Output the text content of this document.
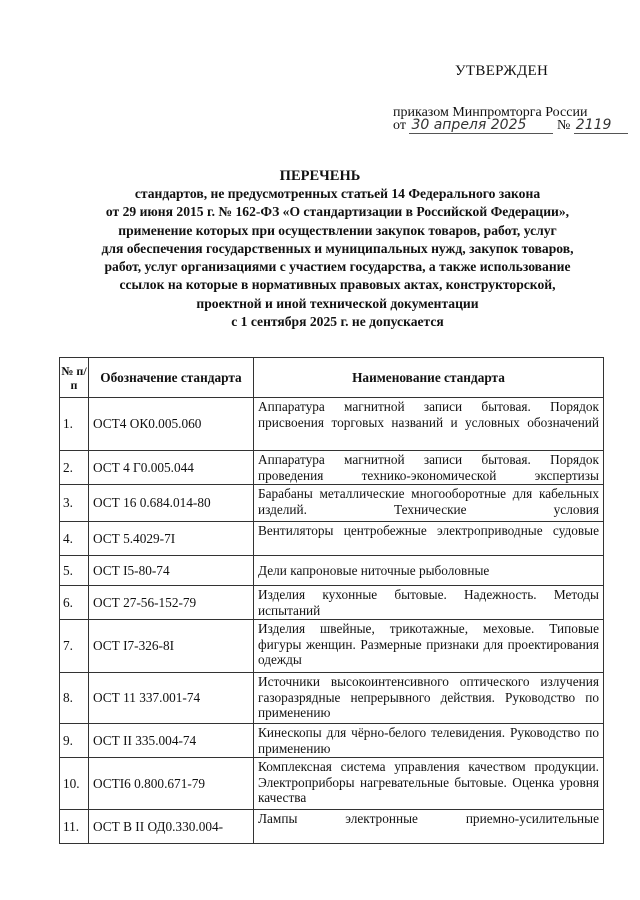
УТВЕРЖДЕН
приказом Минпромторга России
от 30 апреля 2025 № 2119
ПЕРЕЧЕНЬ
стандартов, не предусмотренных статьей 14 Федерального закона
от 29 июня 2015 г. № 162-ФЗ «О стандартизации в Российской Федерации»,
применение которых при осуществлении закупок товаров, работ, услуг
для обеспечения государственных и муниципальных нужд, закупок товаров,
работ, услуг организациями с участием государства, а также использование
ссылок на которые в нормативных правовых актах, конструкторской,
проектной и иной технической документации
с 1 сентября 2025 г. не допускается
№ п/п	Обозначение стандарта	Наименование стандарта
1.	ОСТ4 ОК0.005.060	Аппаратура магнитной записи бытовая. Порядок присвоения торговых названий и условных обозначений
2.	ОСТ 4 Г0.005.044	Аппаратура магнитной записи бытовая. Порядок проведения технико-экономической экспертизы
3.	ОСТ 16 0.684.014-80	Барабаны металлические многооборотные для кабельных изделий. Технические условия
4.	ОСТ 5.4029-7I	Вентиляторы центробежные электроприводные судовые
5.	ОСТ I5-80-74	Дели капроновые ниточные рыболовные
6.	ОСТ 27-56-152-79	Изделия кухонные бытовые. Надежность. Методы испытаний
7.	ОСТ I7-326-8I	Изделия швейные, трикотажные, меховые. Типовые фигуры женщин. Размерные признаки для проектирования одежды
8.	ОСТ 11 337.001-74	Источники высокоинтенсивного оптического излучения газоразрядные непрерывного действия. Руководство по применению
9.	ОСТ II 335.004-74	Кинескопы для чёрно-белого телевидения. Руководство по применению
10.	ОСТI6 0.800.671-79	Комплексная система управления качеством продукции. Электроприборы нагревательные бытовые. Оценка уровня качества
11.	ОСТ В II ОД0.330.004-	Лампы электронные приемно-усилительные
